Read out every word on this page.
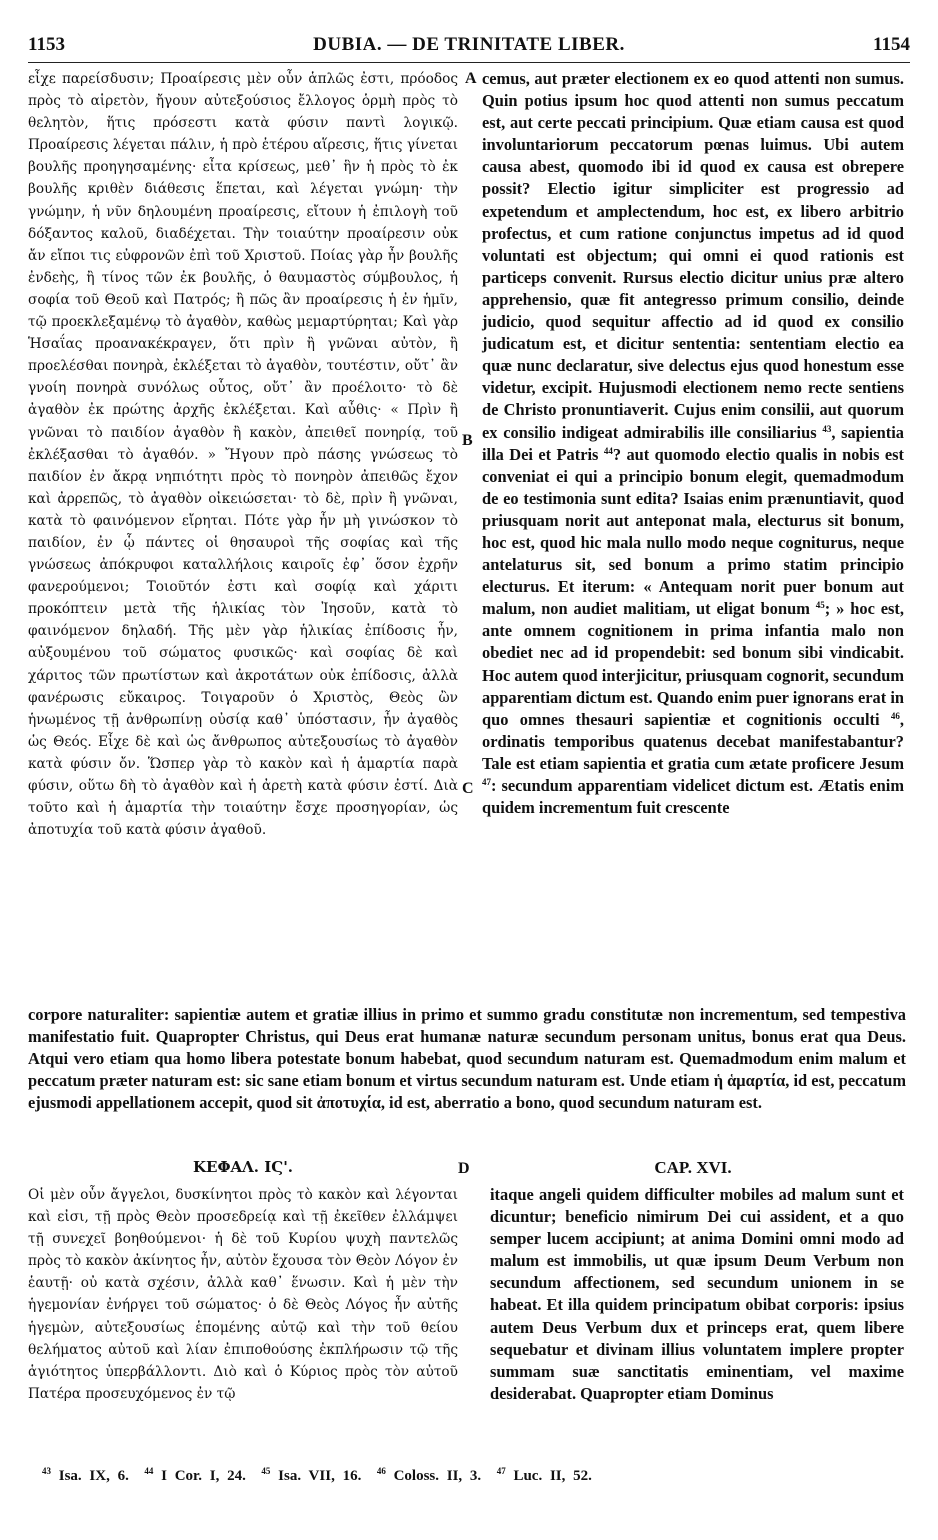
1153	DUBIA. — DE TRINITATE LIBER.	1154
A
B
C
D
εἶχε παρείσδυσιν; Προαίρεσις μὲν οὖν ἁπλῶς ἐστι, πρόοδος πρὸς τὸ αἱρετὸν, ἤγουν αὐτεξούσιος ἔλλογος ὁρμὴ πρὸς τὸ θελητὸν, ἥτις πρόσεστι κατὰ φύσιν παντὶ λογικῷ. Προαίρεσις λέγεται πάλιν, ἡ πρὸ ἑτέρου αἵρεσις, ἥτις γίνεται βουλῆς προηγησαμένης· εἶτα κρίσεως, μεθ᾽ ἣν ἡ πρὸς τὸ ἐκ βουλῆς κριθὲν διάθεσις ἕπεται, καὶ λέγεται γνώμη· τὴν γνώμην, ἡ νῦν δηλουμένη προαίρεσις, εἴτουν ἡ ἐπιλογὴ τοῦ δόξαντος καλοῦ, διαδέχεται. Τὴν τοιαύτην προαίρεσιν οὐκ ἄν εἴποι τις εὐφρονῶν ἐπὶ τοῦ Χριστοῦ. Ποίας γὰρ ἦν βουλῆς ἐνδεὴς, ἢ τίνος τῶν ἐκ βουλῆς, ὁ θαυμαστὸς σύμβουλος, ἡ σοφία τοῦ Θεοῦ καὶ Πατρός; ἢ πῶς ἂν προαίρεσις ἡ ἐν ἡμῖν, τῷ προεκλεξαμένῳ τὸ ἀγαθὸν, καθὼς μεμαρτύρηται; Καὶ γὰρ Ἡσαΐας προανακέκραγεν, ὅτι πρὶν ἢ γνῶναι αὐτὸν, ἢ προελέσθαι πονηρὰ, ἐκλέξεται τὸ ἀγαθὸν, τουτέστιν, οὔτ᾽ ἂν γνοίη πονηρὰ συνόλως οὗτος, οὔτ᾽ ἂν προέλοιτο· τὸ δὲ ἀγαθὸν ἐκ πρώτης ἀρχῆς ἐκλέξεται. Καὶ αὖθις· « Πρὶν ἢ γνῶναι τὸ παιδίον ἀγαθὸν ἢ κακὸν, ἀπειθεῖ πονηρίᾳ, τοῦ ἐκλέξασθαι τὸ ἀγαθόν. » Ἤγουν πρὸ πάσης γνώσεως τὸ παιδίον ἐν ἄκρᾳ νηπιότητι πρὸς τὸ πονηρὸν ἀπειθῶς ἔχον καὶ ἀρρεπῶς, τὸ ἀγαθὸν οἰκειώσεται· τὸ δὲ, πρὶν ἢ γνῶναι, κατὰ τὸ φαινόμενον εἴρηται. Πότε γὰρ ἦν μὴ γινώσκον τὸ παιδίον, ἐν ᾧ πάντες οἱ θησαυροὶ τῆς σοφίας καὶ τῆς γνώσεως ἀπόκρυφοι καταλλήλοις καιροῖς ἐφ᾽ ὅσον ἐχρῆν φανερούμενοι; Τοιοῦτόν ἐστι καὶ σοφίᾳ καὶ χάριτι προκόπτειν μετὰ τῆς ἡλικίας τὸν Ἰησοῦν, κατὰ τὸ φαινόμενον δηλαδή. Τῆς μὲν γὰρ ἡλικίας ἐπίδοσις ἦν, αὐξουμένου τοῦ σώματος φυσικῶς· καὶ σοφίας δὲ καὶ χάριτος τῶν πρωτίστων καὶ ἀκροτάτων οὐκ ἐπίδοσις, ἀλλὰ φανέρωσις εὔκαιρος. Τοιγαροῦν ὁ Χριστὸς, Θεὸς ὢν ἡνωμένος τῇ ἀνθρωπίνῃ οὐσίᾳ καθ᾽ ὑπόστασιν, ἦν ἀγαθὸς ὡς Θεός. Εἶχε δὲ καὶ ὡς ἄνθρωπος αὐτεξουσίως τὸ ἀγαθὸν κατὰ φύσιν ὄν. Ὥσπερ γὰρ τὸ κακὸν καὶ ἡ ἁμαρτία παρὰ φύσιν, οὕτω δὴ τὸ ἀγαθὸν καὶ ἡ ἀρετὴ κατὰ φύσιν ἐστί. Διὰ τοῦτο καὶ ἡ ἁμαρτία τὴν τοιαύτην ἔσχε προσηγορίαν, ὡς ἀποτυχία τοῦ κατὰ φύσιν ἀγαθοῦ.
cemus, aut præter electionem ex eo quod attenti non sumus. Quin potius ipsum hoc quod attenti non sumus peccatum est, aut certe peccati principium. Quæ etiam causa est quod involuntariorum peccatorum pœnas luimus. Ubi autem causa abest, quomodo ibi id quod ex causa est obrepere possit? Electio igitur simpliciter est progressio ad expetendum et amplectendum, hoc est, ex libero arbitrio profectus, et cum ratione conjunctus impetus ad id quod voluntati est objectum; qui omni ei quod rationis est particeps convenit. Rursus electio dicitur unius præ altero apprehensio, quæ fit antegresso primum consilio, deinde judicio, quod sequitur affectio ad id quod ex consilio judicatum est, et dicitur sententia: sententiam electio ea quæ nunc declaratur, sive delectus ejus quod honestum esse videtur, excipit. Hujusmodi electionem nemo recte sentiens de Christo pronuntiaverit. Cujus enim consilii, aut quorum ex consilio indigeat admirabilis ille consiliarius $^{43}$, sapientia illa Dei et Patris $^{44}$? aut quomodo electio qualis in nobis est conveniat ei qui a principio bonum elegit, quemadmodum de eo testimonia sunt edita? Isaias enim prænuntiavit, quod priusquam norit aut anteponat mala, electurus sit bonum, hoc est, quod hic mala nullo modo neque cogniturus, neque antelaturus sit, sed bonum a primo statim principio electurus. Et iterum: « Antequam norit puer bonum aut malum, non audiet malitiam, ut eligat bonum $^{45}$; » hoc est, ante omnem cognitionem in prima infantia malo non obediet nec ad id propendebit: sed bonum sibi vindicabit. Hoc autem quod interjicitur, priusquam cognorit, secundum apparentiam dictum est. Quando enim puer ignorans erat in quo omnes thesauri sapientiæ et cognitionis occulti $^{46}$, ordinatis temporibus quatenus decebat manifestabantur? Tale est etiam sapientia et gratia cum ætate proficere Jesum $^{47}$: secundum apparentiam videlicet dictum est. Ætatis enim quidem incrementum fuit crescente
corpore naturaliter: sapientiæ autem et gratiæ illius in primo et summo gradu constitutæ non incrementum, sed tempestiva manifestatio fuit. Quapropter Christus, qui Deus erat humanæ naturæ secundum personam unitus, bonus erat qua Deus. Atqui vero etiam qua homo libera potestate bonum habebat, quod secundum naturam est. Quemadmodum enim malum et peccatum præter naturam est: sic sane etiam bonum et virtus secundum naturam est. Unde etiam ἡ ἁμαρτία, id est, peccatum ejusmodi appellationem accepit, quod sit ἀποτυχία, id est, aberratio a bono, quod secundum naturam est.
ΚΕΦΑΛ. ΙϚ'.	CAP. XVI.
Οἱ μὲν οὖν ἄγγελοι, δυσκίνητοι πρὸς τὸ κακὸν καὶ λέγονται καὶ εἰσι, τῇ πρὸς Θεὸν προσεδρείᾳ καὶ τῇ ἐκεῖθεν ἐλλάμψει τῇ συνεχεῖ βοηθούμενοι· ἡ δὲ τοῦ Κυρίου ψυχὴ παντελῶς πρὸς τὸ κακὸν ἀκίνητος ἦν, αὐτὸν ἔχουσα τὸν Θεὸν Λόγον ἐν ἑαυτῇ· οὐ κατὰ σχέσιν, ἀλλὰ καθ᾽ ἕνωσιν. Καὶ ἡ μὲν τὴν ἡγεμονίαν ἐνήργει τοῦ σώματος· ὁ δὲ Θεὸς Λόγος ἦν αὐτῆς ἡγεμὼν, αὐτεξουσίως ἑπομένης αὐτῷ καὶ τὴν τοῦ θείου θελήματος αὐτοῦ καὶ λίαν ἐπιποθούσης ἐκπλήρωσιν τῷ τῆς ἁγιότητος ὑπερβάλλοντι. Διὸ καὶ ὁ Κύριος πρὸς τὸν αὐτοῦ Πατέρα προσευχόμενος ἐν τῷ
itaque angeli quidem difficulter mobiles ad malum sunt et dicuntur; beneficio nimirum Dei cui assident, et a quo semper lucem accipiunt; at anima Domini omni modo ad malum est immobilis, ut quæ ipsum Deum Verbum non secundum affectionem, sed secundum unionem in se habeat. Et illa quidem principatum obibat corporis: ipsius autem Deus Verbum dux et princeps erat, quem libere sequebatur et divinam illius voluntatem implere propter summam suæ sanctitatis eminentiam, vel maxime desiderabat. Quapropter etiam Dominus
$^{43}$ Isa. IX, 6. $^{44}$ I Cor. I, 24. $^{45}$ Isa. VII, 16. $^{46}$ Coloss. II, 3. $^{47}$ Luc. II, 52.
